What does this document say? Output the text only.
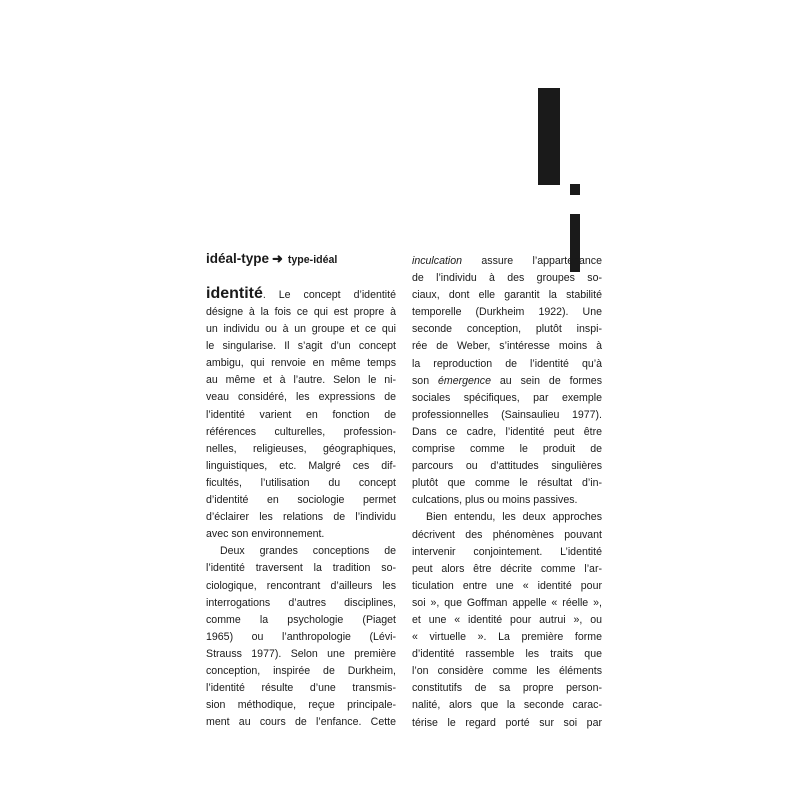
idéal-type ➜ type-idéal
identité. Le concept d’identité
désigne à la fois ce qui est propre à
un individu ou à un groupe et ce qui
le singularise. Il s’agit d’un concept
ambigu, qui renvoie en même temps
au même et à l’autre. Selon le ni-
veau considéré, les expressions de
l’identité varient en fonction de
références culturelles, profession-
nelles, religieuses, géographiques,
linguistiques, etc. Malgré ces dif-
ficultés, l’utilisation du concept
d’identité en sociologie permet
d’éclairer les relations de l’individu
avec son environnement.
Deux grandes conceptions de
l’identité traversent la tradition so-
ciologique, rencontrant d’ailleurs les
interrogations d’autres disciplines,
comme la psychologie (Piaget
1965) ou l’anthropologie (Lévi-
Strauss 1977). Selon une première
conception, inspirée de Durkheim,
l’identité résulte d’une transmis-
sion méthodique, reçue principale-
ment au cours de l’enfance. Cette
inculcation assure l’appartenance
de l’individu à des groupes so-
ciaux, dont elle garantit la stabilité
temporelle (Durkheim 1922). Une
seconde conception, plutôt inspi-
rée de Weber, s’intéresse moins à
la reproduction de l’identité qu’à
son émergence au sein de formes
sociales spécifiques, par exemple
professionnelles (Sainsaulieu 1977).
Dans ce cadre, l’identité peut être
comprise comme le produit de
parcours ou d’attitudes singulières
plutôt que comme le résultat d’in-
culcations, plus ou moins passives.
Bien entendu, les deux approches
décrivent des phénomènes pouvant
intervenir conjointement. L’identité
peut alors être décrite comme l’ar-
ticulation entre une « identité pour
soi », que Goffman appelle « réelle »,
et une « identité pour autrui », ou
« virtuelle ». La première forme
d’identité rassemble les traits que
l’on considère comme les éléments
constitutifs de sa propre person-
nalité, alors que la seconde carac-
térise le regard porté sur soi par
